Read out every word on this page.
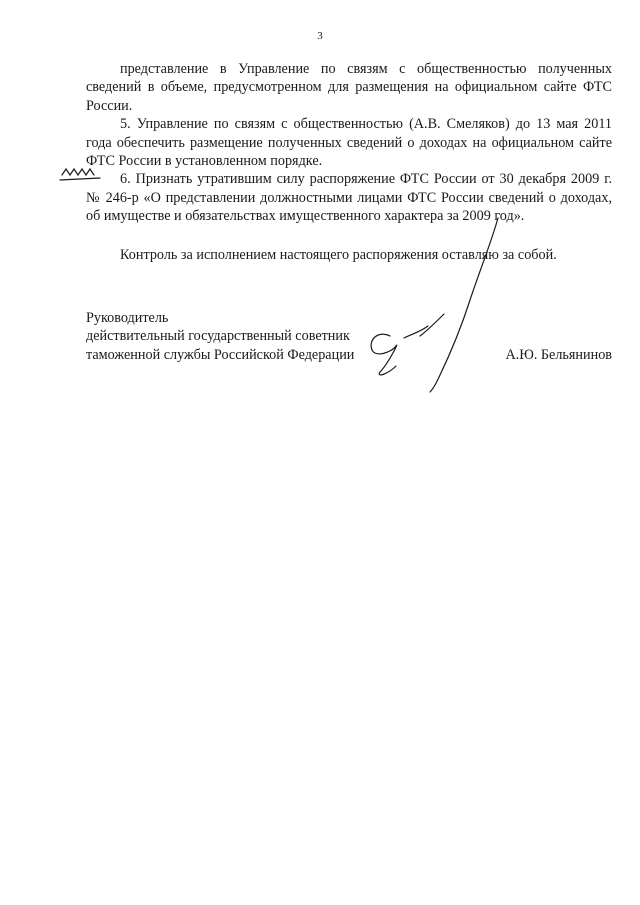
3

представление в Управление по связям с общественностью полученных сведений в объеме, предусмотренном для размещения на официальном сайте ФТС России.

5. Управление по связям с общественностью (А.В. Смеляков) до 13 мая 2011 года обеспечить размещение полученных сведений о доходах на официальном сайте ФТС России в установленном порядке.

6. Признать утратившим силу распоряжение ФТС России от 30 декабря 2009 г. № 246-р «О представлении должностными лицами ФТС России сведений о доходах, об имуществе и обязательствах имущественного характера за 2009 год».

Контроль за исполнением настоящего распоряжения оставляю за собой.

Руководитель
действительный государственный советник
таможенной службы Российской Федерации	А.Ю. Бельянинов
